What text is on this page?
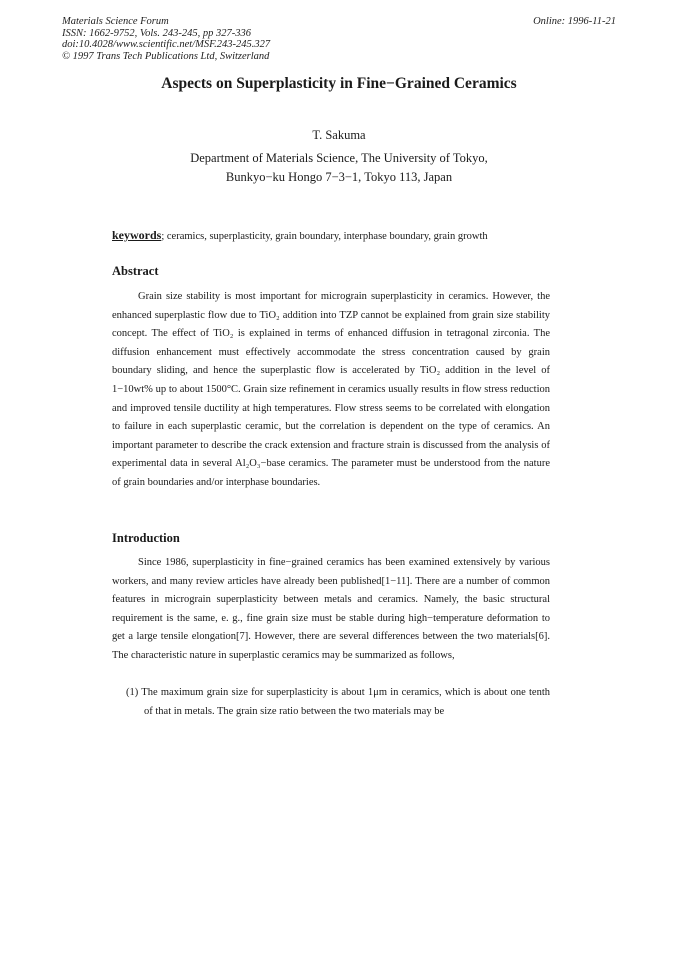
Materials Science Forum
ISSN: 1662-9752, Vols. 243-245, pp 327-336
doi:10.4028/www.scientific.net/MSF.243-245.327
© 1997 Trans Tech Publications Ltd, Switzerland
Online: 1996-11-21
Aspects on Superplasticity in Fine−Grained Ceramics
T. Sakuma
Department of Materials Science, The University of Tokyo,
Bunkyo−ku Hongo 7−3−1, Tokyo 113, Japan
keywords; ceramics, superplasticity, grain boundary, interphase boundary, grain growth
Abstract
Grain size stability is most important for micrograin superplasticity in ceramics. However, the enhanced superplastic flow due to TiO₂ addition into TZP cannot be explained from grain size stability concept. The effect of TiO₂ is explained in terms of enhanced diffusion in tetragonal zirconia. The diffusion enhancement must effectively accommodate the stress concentration caused by grain boundary sliding, and hence the superplastic flow is accelerated by TiO₂ addition in the level of 1−10wt% up to about 1500°C. Grain size refinement in ceramics usually results in flow stress reduction and improved tensile ductility at high temperatures. Flow stress seems to be correlated with elongation to failure in each superplastic ceramic, but the correlation is dependent on the type of ceramics. An important parameter to describe the crack extension and fracture strain is discussed from the analysis of experimental data in several Al₂O₃−base ceramics. The parameter must be understood from the nature of grain boundaries and/or interphase boundaries.
Introduction
Since 1986, superplasticity in fine−grained ceramics has been examined extensively by various workers, and many review articles have already been published[1−11]. There are a number of common features in micrograin superplasticity between metals and ceramics. Namely, the basic structural requirement is the same, e. g., fine grain size must be stable during high−temperature deformation to get a large tensile elongation[7]. However, there are several differences between the two materials[6]. The characteristic nature in superplastic ceramics may be summarized as follows,
(1) The maximum grain size for superplasticity is about 1μm in ceramics, which is about one tenth of that in metals. The grain size ratio between the two materials may be
